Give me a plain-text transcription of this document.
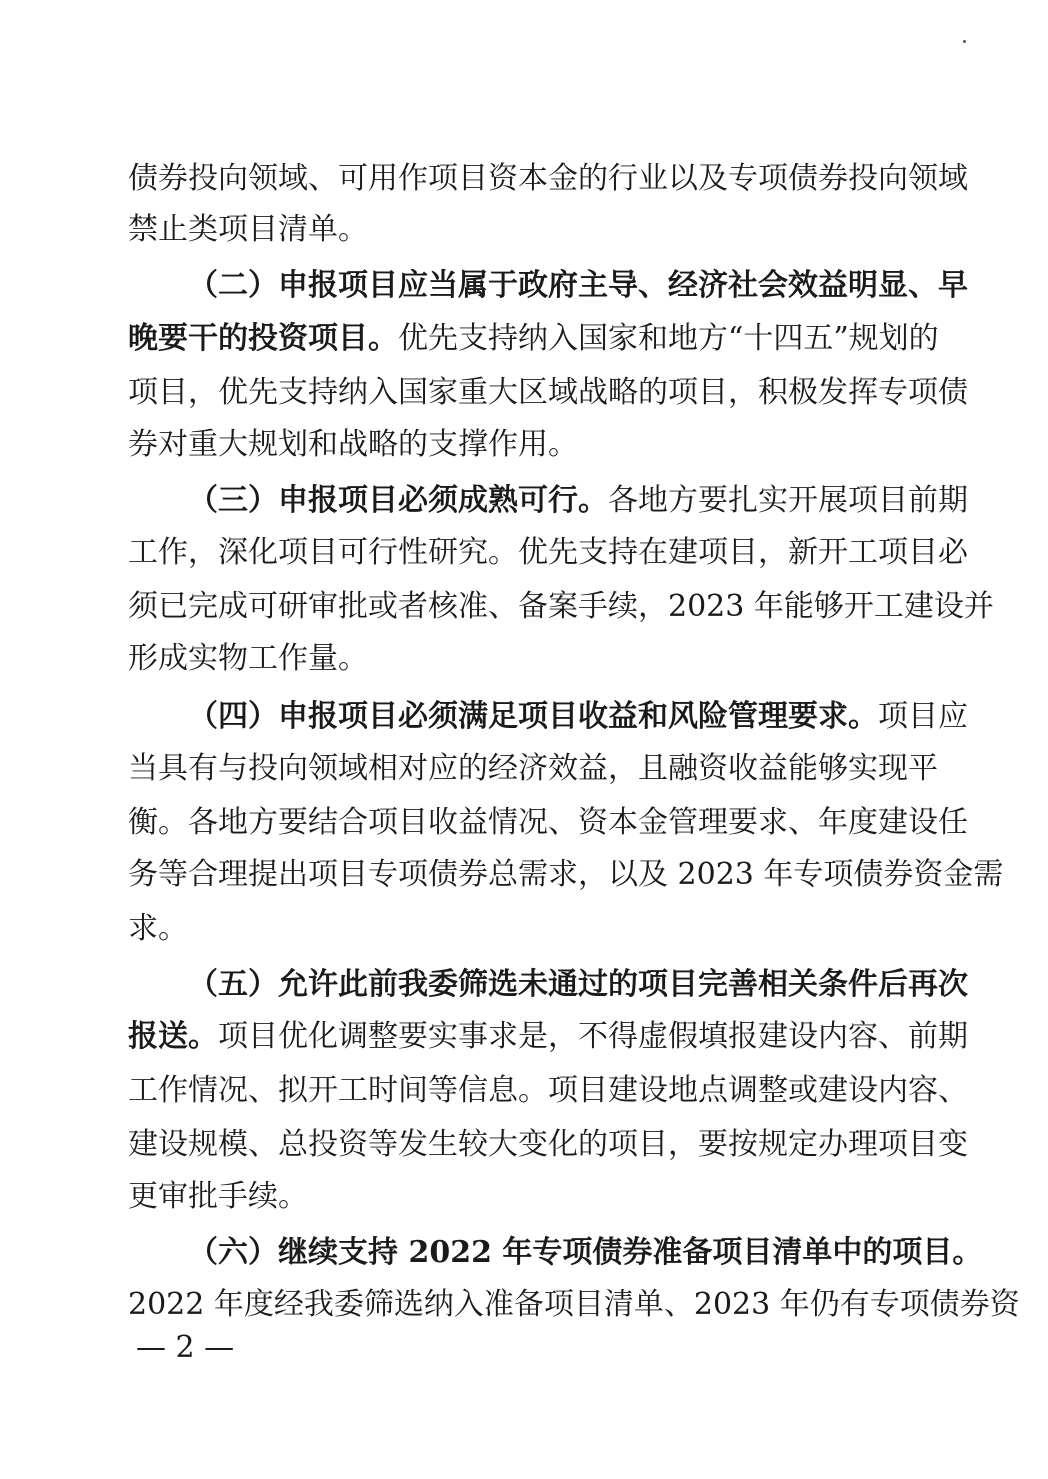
债券投向领域、可用作项目资本金的行业以及专项债券投向领域
禁止类项目清单。
（二）申报项目应当属于政府主导、经济社会效益明显、早
晚要干的投资项目。优先支持纳入国家和地方“十四五”规划的
项目，优先支持纳入国家重大区域战略的项目，积极发挥专项债
券对重大规划和战略的支撑作用。
（三）申报项目必须成熟可行。各地方要扎实开展项目前期
工作，深化项目可行性研究。优先支持在建项目，新开工项目必
须已完成可研审批或者核准、备案手续，2023 年能够开工建设并
形成实物工作量。
（四）申报项目必须满足项目收益和风险管理要求。项目应
当具有与投向领域相对应的经济效益，且融资收益能够实现平
衡。各地方要结合项目收益情况、资本金管理要求、年度建设任
务等合理提出项目专项债券总需求，以及 2023 年专项债券资金需
求。
（五）允许此前我委筛选未通过的项目完善相关条件后再次
报送。项目优化调整要实事求是，不得虚假填报建设内容、前期
工作情况、拟开工时间等信息。项目建设地点调整或建设内容、
建设规模、总投资等发生较大变化的项目，要按规定办理项目变
更审批手续。
（六）继续支持 2022 年专项债券准备项目清单中的项目。
2022 年度经我委筛选纳入准备项目清单、2023 年仍有专项债券资
— 2 —
